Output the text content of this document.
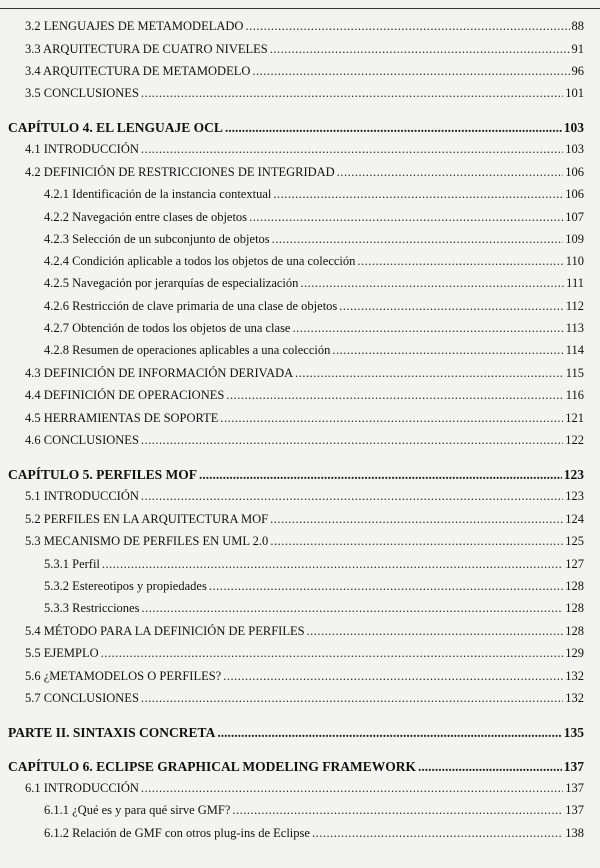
3.2 LENGUAJES DE METAMODELADO .....	88
3.3 ARQUITECTURA DE CUATRO NIVELES .....	91
3.4 ARQUITECTURA DE METAMODELO .....	96
3.5 CONCLUSIONES .....	101
CAPÍTULO 4. EL LENGUAJE OCL .....	103
4.1 INTRODUCCIÓN .....	103
4.2 DEFINICIÓN DE RESTRICCIONES DE INTEGRIDAD .....	106
4.2.1 Identificación de la instancia contextual .....	106
4.2.2 Navegación entre clases de objetos .....	107
4.2.3 Selección de un subconjunto de objetos .....	109
4.2.4 Condición aplicable a todos los objetos de una colección .....	110
4.2.5 Navegación por jerarquías de especialización .....	111
4.2.6 Restricción de clave primaria de una clase de objetos .....	112
4.2.7 Obtención de todos los objetos de una clase .....	113
4.2.8 Resumen de operaciones aplicables a una colección .....	114
4.3 DEFINICIÓN DE INFORMACIÓN DERIVADA .....	115
4.4 DEFINICIÓN DE OPERACIONES .....	116
4.5 HERRAMIENTAS DE SOPORTE .....	121
4.6 CONCLUSIONES .....	122
CAPÍTULO 5. PERFILES MOF .....	123
5.1 INTRODUCCIÓN .....	123
5.2 PERFILES EN LA ARQUITECTURA MOF .....	124
5.3 MECANISMO DE PERFILES EN UML 2.0 .....	125
5.3.1 Perfil .....	127
5.3.2 Estereotipos y propiedades .....	128
5.3.3 Restricciones .....	128
5.4 MÉTODO PARA LA DEFINICIÓN DE PERFILES .....	128
5.5 EJEMPLO .....	129
5.6 ¿METAMODELOS O PERFILES? .....	132
5.7 CONCLUSIONES .....	132
PARTE II. SINTAXIS CONCRETA .....	135
CAPÍTULO 6. ECLIPSE GRAPHICAL MODELING FRAMEWORK .....	137
6.1 INTRODUCCIÓN .....	137
6.1.1 ¿Qué es y para qué sirve GMF? .....	137
6.1.2 Relación de GMF con otros plug-ins de Eclipse .....	138
